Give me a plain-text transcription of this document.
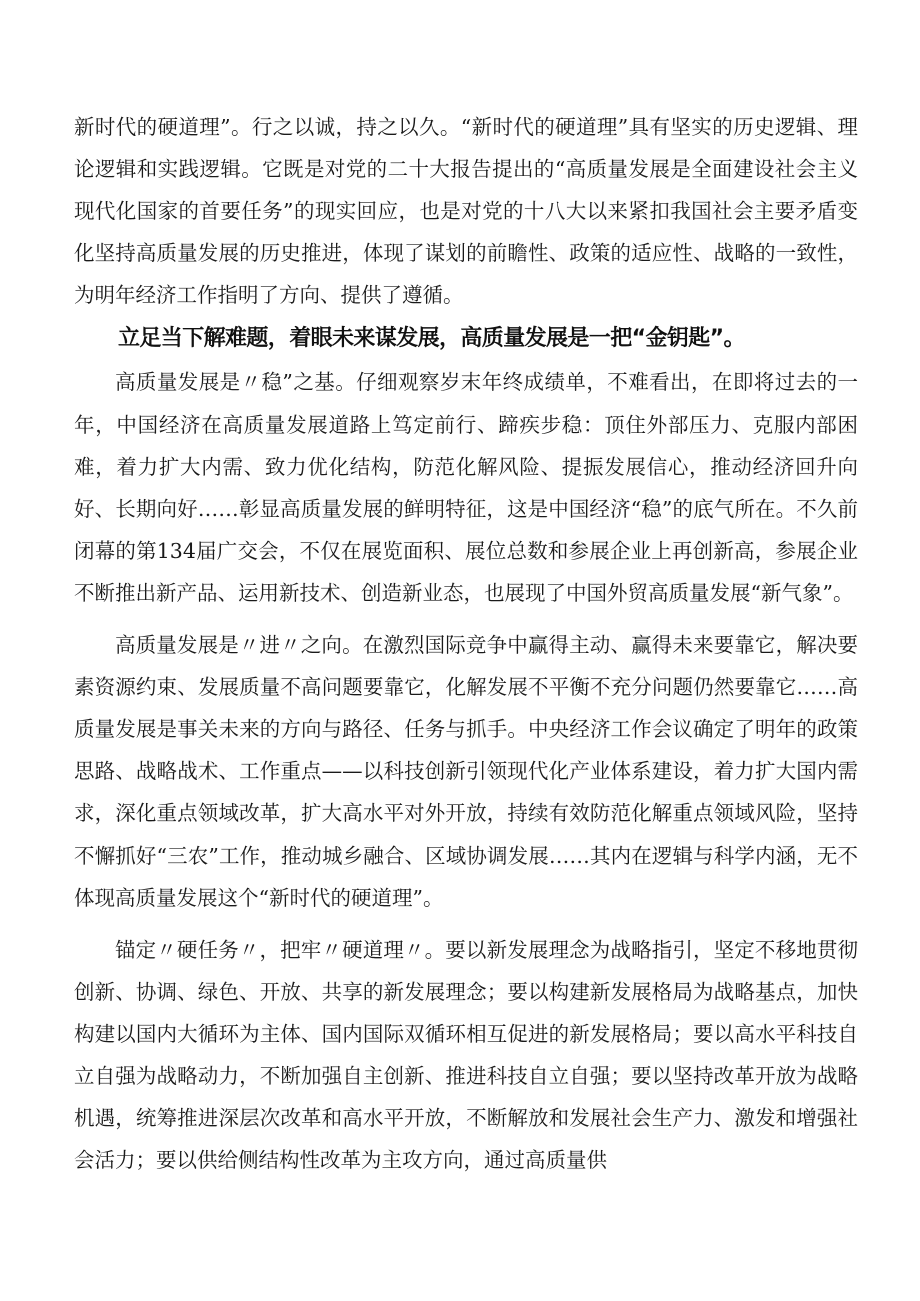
新时代的硬道理”。行之以诚，持之以久。“新时代的硬道理”具有坚实的历史逻辑、理论逻辑和实践逻辑。它既是对党的二十大报告提出的“高质量发展是全面建设社会主义现代化国家的首要任务”的现实回应，也是对党的十八大以来紧扣我国社会主要矛盾变化坚持高质量发展的历史推进，体现了谋划的前瞻性、政策的适应性、战略的一致性，为明年经济工作指明了方向、提供了遵循。

立足当下解难题，着眼未来谋发展，高质量发展是一把“金钥匙”。

高质量发展是〃稳”之基。仔细观察岁末年终成绩单，不难看出，在即将过去的一年，中国经济在高质量发展道路上笃定前行、蹄疾步稳：顶住外部压力、克服内部困难，着力扩大内需、致力优化结构，防范化解风险、提振发展信心，推动经济回升向好、长期向好……彰显高质量发展的鲜明特征，这是中国经济“稳”的底气所在。不久前闭幕的第134届广交会，不仅在展览面积、展位总数和参展企业上再创新高，参展企业不断推出新产品、运用新技术、创造新业态，也展现了中国外贸高质量发展“新气象”。

高质量发展是〃进〃之向。在激烈国际竞争中赢得主动、赢得未来要靠它，解决要素资源约束、发展质量不高问题要靠它，化解发展不平衡不充分问题仍然要靠它……高质量发展是事关未来的方向与路径、任务与抓手。中央经济工作会议确定了明年的政策思路、战略战术、工作重点——以科技创新引领现代化产业体系建设，着力扩大国内需求，深化重点领域改革，扩大高水平对外开放，持续有效防范化解重点领域风险，坚持不懈抓好“三农”工作，推动城乡融合、区域协调发展……其内在逻辑与科学内涵，无不体现高质量发展这个“新时代的硬道理”。

锚定〃硬任务〃，把牢〃硬道理〃。要以新发展理念为战略指引，坚定不移地贯彻创新、协调、绿色、开放、共享的新发展理念；要以构建新发展格局为战略基点，加快构建以国内大循环为主体、国内国际双循环相互促进的新发展格局；要以高水平科技自立自强为战略动力，不断加强自主创新、推进科技自立自强；要以坚持改革开放为战略机遇，统筹推进深层次改革和高水平开放，不断解放和发展社会生产力、激发和增强社会活力；要以供给侧结构性改革为主攻方向，通过高质量供
